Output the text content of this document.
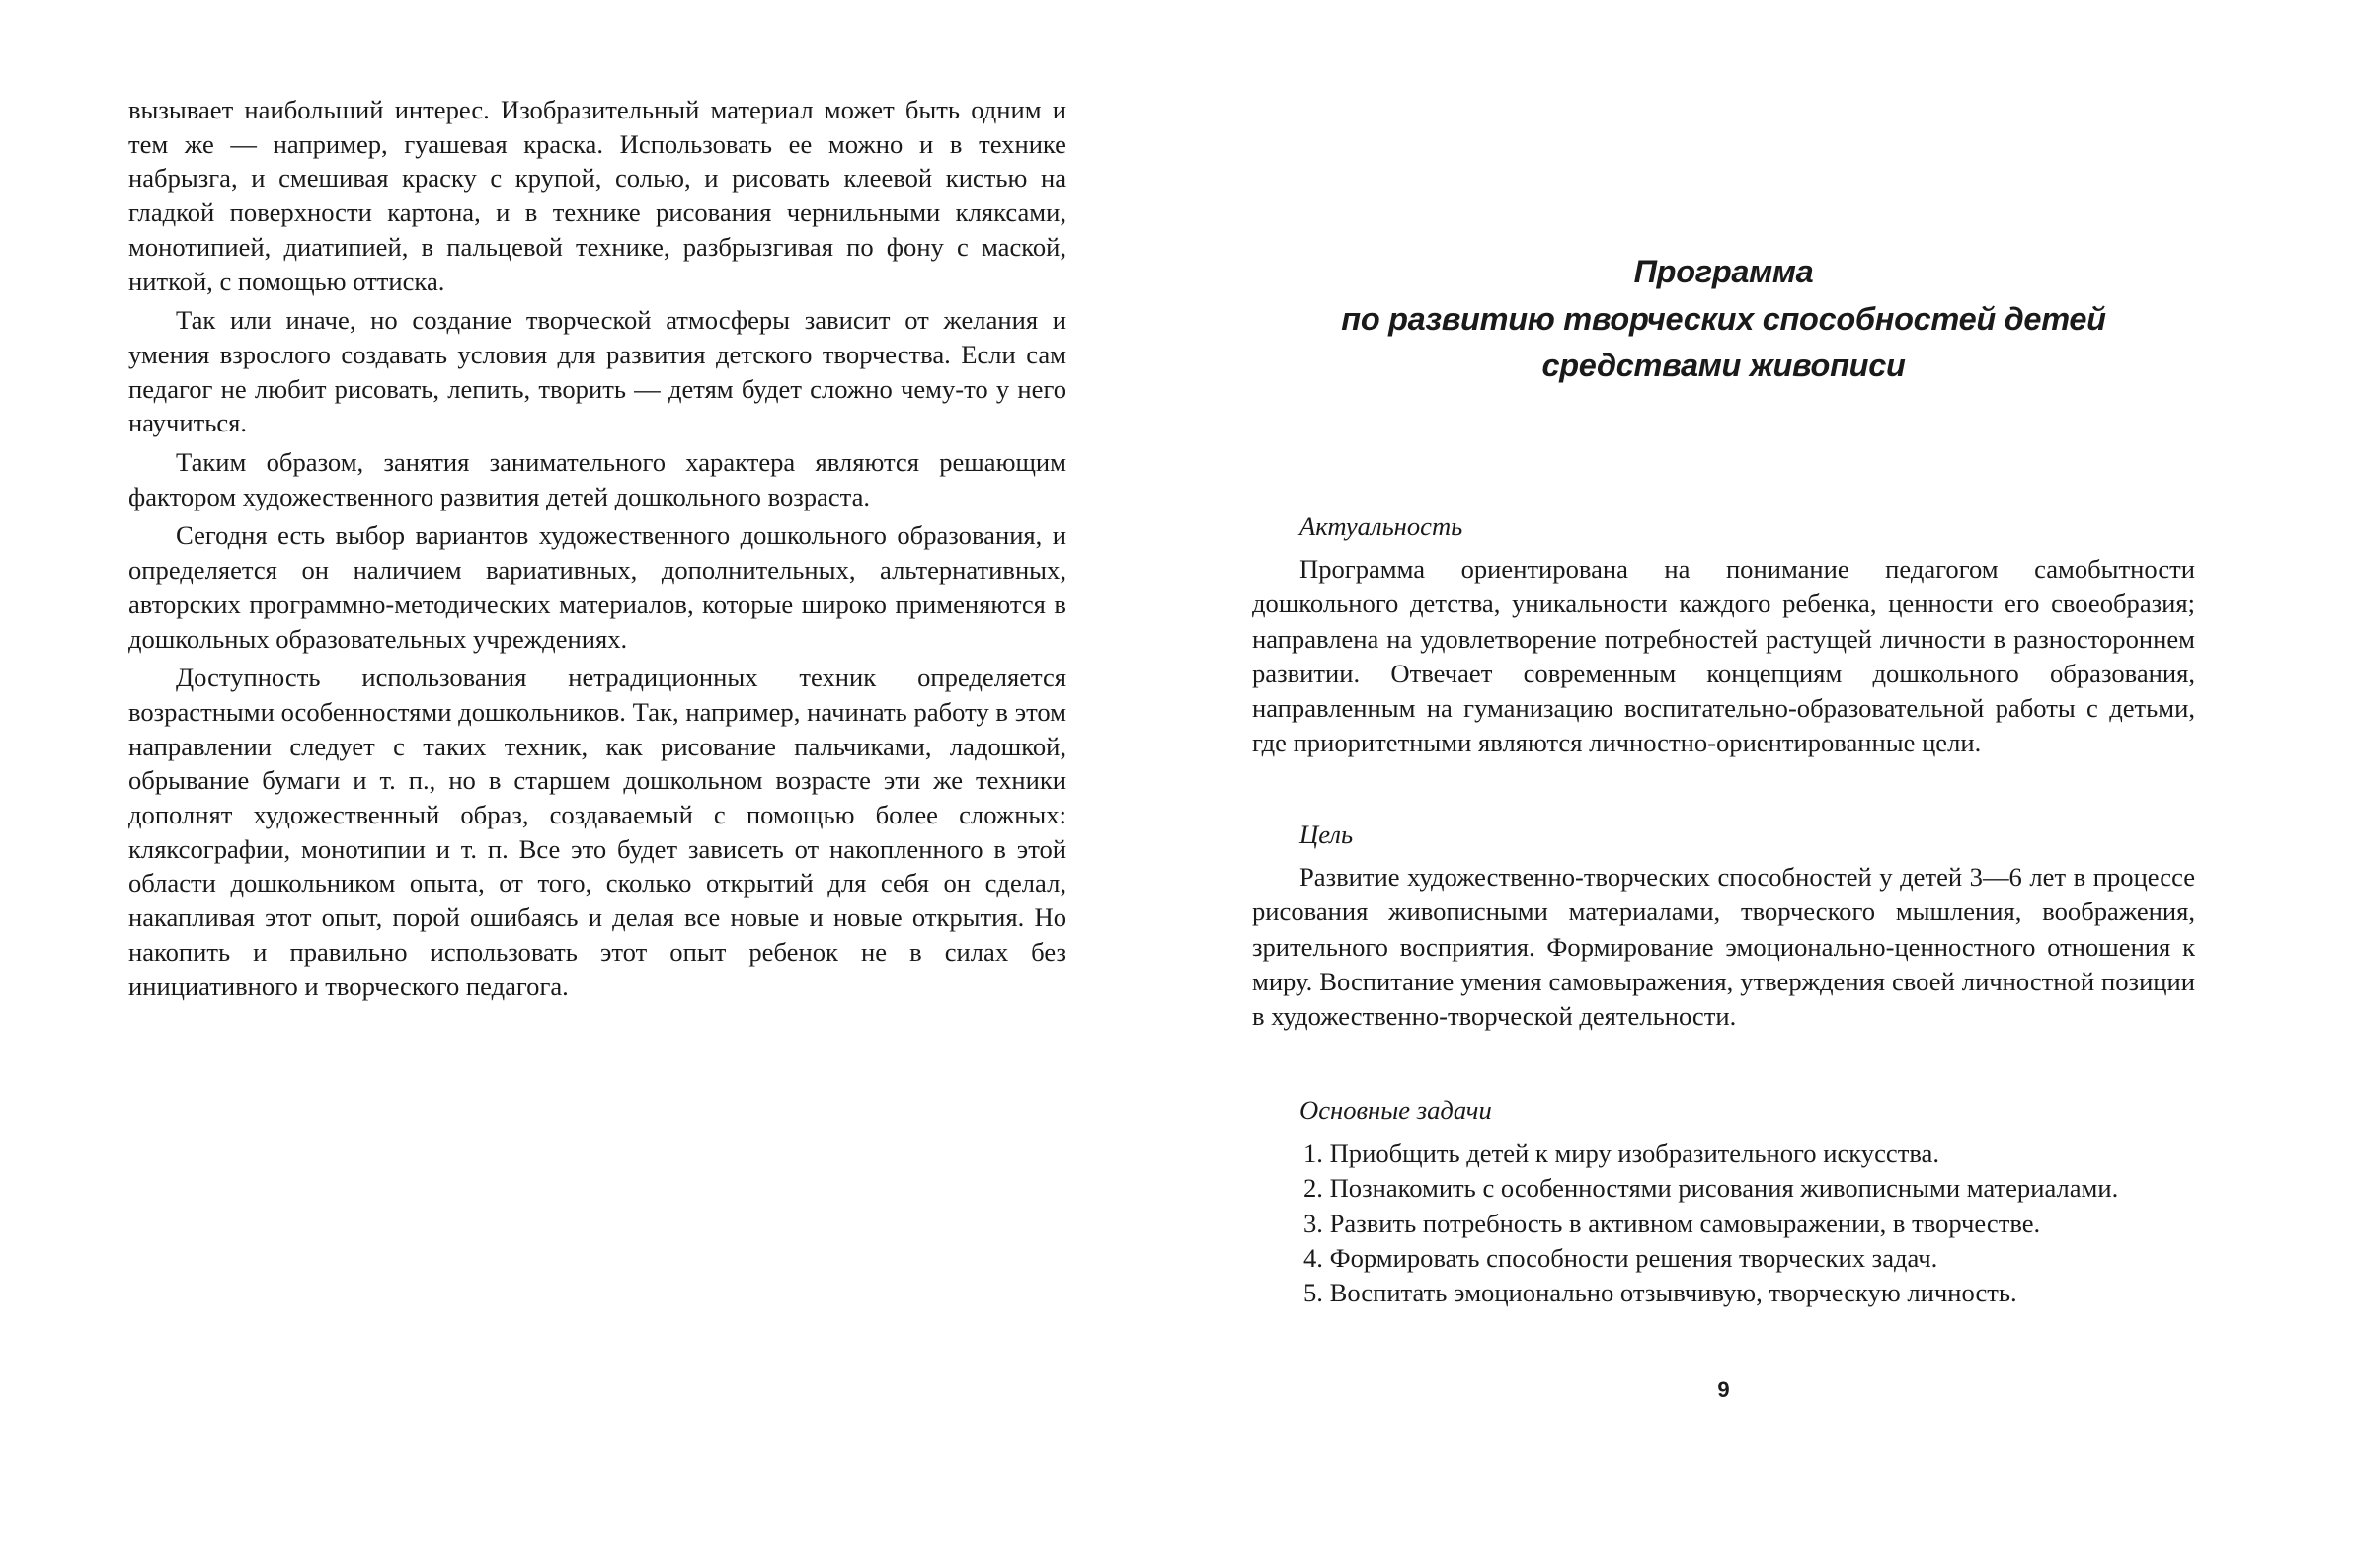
вызывает наибольший интерес. Изобразительный материал может быть одним и тем же — например, гуашевая краска. Использовать ее можно и в технике набрызга, и смешивая краску с крупой, солью, и рисовать клеевой кистью на гладкой поверхности картона, и в технике рисования чернильными кляксами, монотипией, диатипией, в пальцевой технике, разбрызгивая по фону с маской, ниткой, с помощью оттиска.

Так или иначе, но создание творческой атмосферы зависит от желания и умения взрослого создавать условия для развития детского творчества. Если сам педагог не любит рисовать, лепить, творить — детям будет сложно чему-то у него научиться.

Таким образом, занятия занимательного характера являются решающим фактором художественного развития детей дошкольного возраста.

Сегодня есть выбор вариантов художественного дошкольного образования, и определяется он наличием вариативных, дополнительных, альтернативных, авторских программно-методических материалов, которые широко применяются в дошкольных образовательных учреждениях.

Доступность использования нетрадиционных техник определяется возрастными особенностями дошкольников. Так, например, начинать работу в этом направлении следует с таких техник, как рисование пальчиками, ладошкой, обрывание бумаги и т. п., но в старшем дошкольном возрасте эти же техники дополнят художественный образ, создаваемый с помощью более сложных: кляксографии, монотипии и т. п. Все это будет зависеть от накопленного в этой области дошкольником опыта, от того, сколько открытий для себя он сделал, накапливая этот опыт, порой ошибаясь и делая все новые и новые открытия. Но накопить и правильно использовать этот опыт ребенок не в силах без инициативного и творческого педагога.

Программа
по развитию творческих способностей детей
средствами живописи

Актуальность

Программа ориентирована на понимание педагогом самобытности дошкольного детства, уникальности каждого ребенка, ценности его своеобразия; направлена на удовлетворение потребностей растущей личности в разностороннем развитии. Отвечает современным концепциям дошкольного образования, направленным на гуманизацию воспитательно-образовательной работы с детьми, где приоритетными являются личностно-ориентированные цели.

Цель

Развитие художественно-творческих способностей у детей 3—6 лет в процессе рисования живописными материалами, творческого мышления, воображения, зрительного восприятия. Формирование эмоционально-ценностного отношения к миру. Воспитание умения самовыражения, утверждения своей личностной позиции в художественно-творческой деятельности.

Основные задачи

1. Приобщить детей к миру изобразительного искусства.

2. Познакомить с особенностями рисования живописными материалами.

3. Развить потребность в активном самовыражении, в творчестве.

4. Формировать способности решения творческих задач.

5. Воспитать эмоционально отзывчивую, творческую личность.

9
